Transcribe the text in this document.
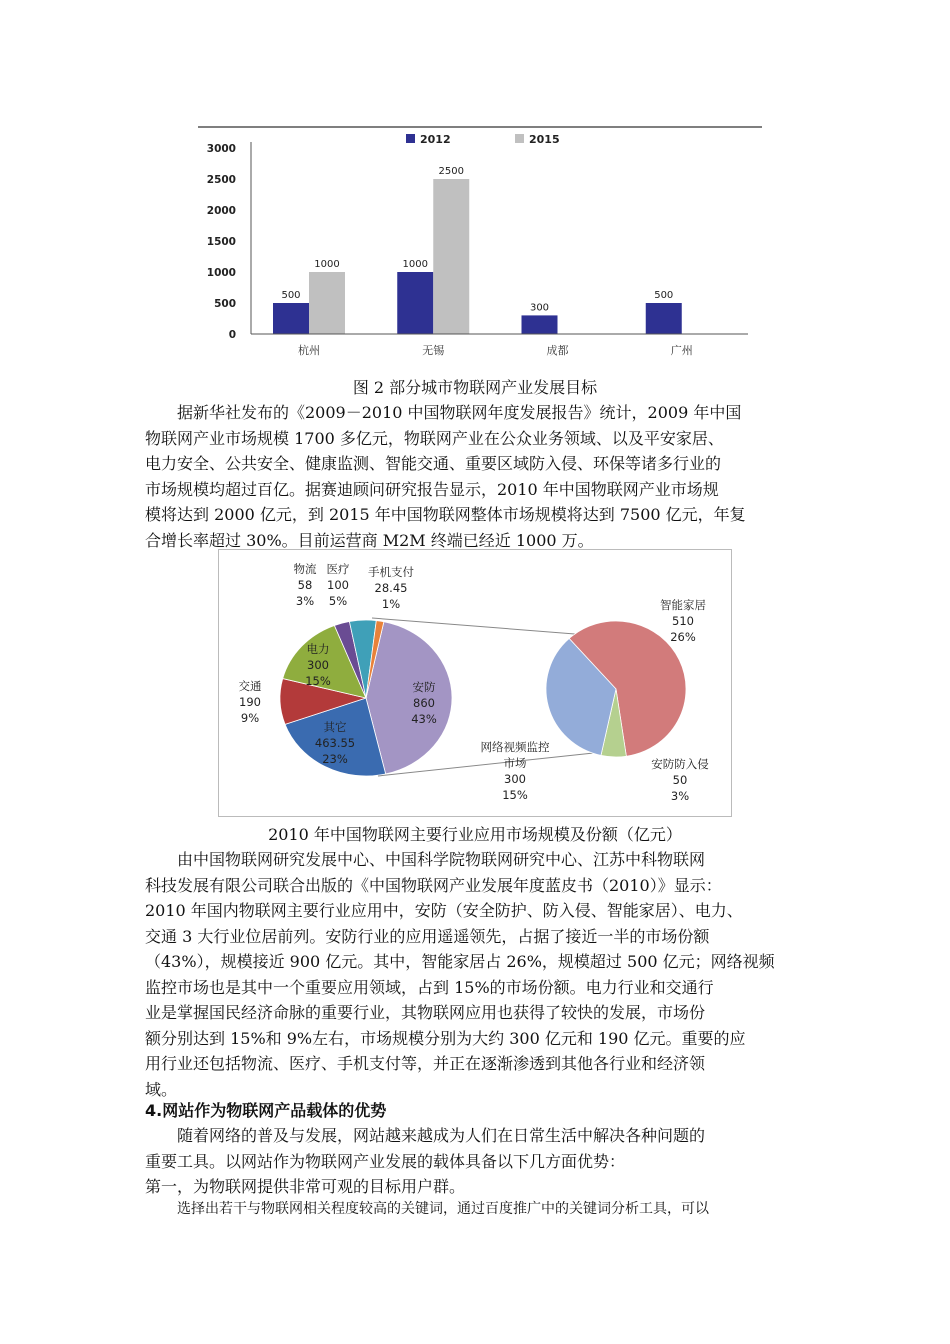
2012	2015
0
500
1000
1500
2000
2500
3000
500
1000	1000
2500
300
500
杭州	无锡	成都	广州
图 2 部分城市物联网产业发展目标
据新华社发布的《2009－2010 中国物联网年度发展报告》统计，2009 年中国
物联网产业市场规模 1700 多亿元，物联网产业在公众业务领域、以及平安家居、
电力安全、公共安全、健康监测、智能交通、重要区域防入侵、环保等诸多行业的
市场规模均超过百亿。据赛迪顾问研究报告显示，2010 年中国物联网产业市场规
模将达到 2000 亿元，到 2015 年中国物联网整体市场规模将达到 7500 亿元，年复
合增长率超过 30%。目前运营商 M2M 终端已经近 1000 万。
物流 58 3%
医疗 100 5%
手机支付 28.45 1%
电力 300 15%
交通 190 9%
其它 463.55 23%
安防 860 43%
智能家居 510 26%
网络视频监控市场 300 15%
安防防入侵 50 3%
2010 年中国物联网主要行业应用市场规模及份额（亿元）
由中国物联网研究发展中心、中国科学院物联网研究中心、江苏中科物联网
科技发展有限公司联合出版的《中国物联网产业发展年度蓝皮书（2010）》显示：
2010 年国内物联网主要行业应用中，安防（安全防护、防入侵、智能家居）、电力、
交通 3 大行业位居前列。安防行业的应用遥遥领先，占据了接近一半的市场份额
（43%），规模接近 900 亿元。其中，智能家居占 26%，规模超过 500 亿元；网络视频
监控市场也是其中一个重要应用领域，占到 15%的市场份额。电力行业和交通行
业是掌握国民经济命脉的重要行业，其物联网应用也获得了较快的发展，市场份
额分别达到 15%和 9%左右，市场规模分别为大约 300 亿元和 190 亿元。重要的应
用行业还包括物流、医疗、手机支付等，并正在逐渐渗透到其他各行业和经济领
域。
4.网站作为物联网产品载体的优势
随着网络的普及与发展，网站越来越成为人们在日常生活中解决各种问题的
重要工具。以网站作为物联网产业发展的载体具备以下几方面优势：
第一，为物联网提供非常可观的目标用户群。
选择出若干与物联网相关程度较高的关键词，通过百度推广中的关键词分析工具，可以
